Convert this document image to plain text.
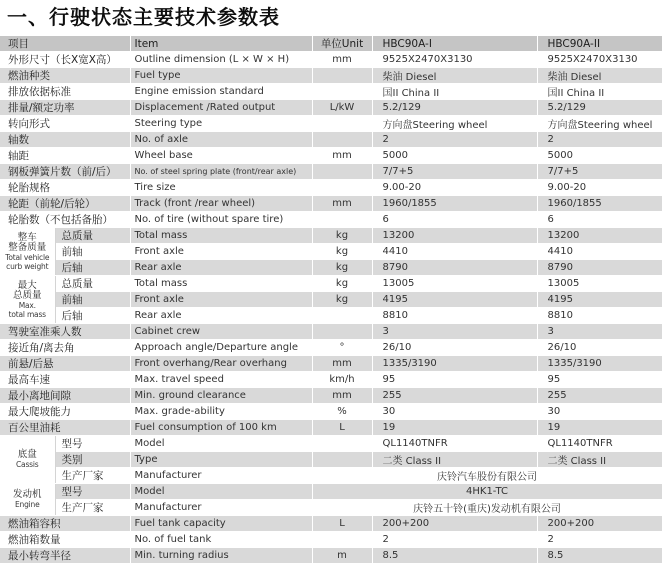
一、行驶状态主要技术参数表
项目		Item	单位Unit	HBC90A-I	HBC90A-II
外形尺寸（长X宽X高）		Outline dimension (L × W × H)	mm	9525X2470X3130	9525X2470X3130
燃油种类		Fuel type		柴油 Diesel	柴油 Diesel
排放依据标准		Engine emission standard		国II China II	国II China II
排量/额定功率		Displacement /Rated output	L/kW	5.2/129	5.2/129
转向形式		Steering type		方向盘Steering wheel	方向盘Steering wheel
轴数		No. of axle		2	2
轴距		Wheel base	mm	5000	5000
钢板弹簧片数（前/后）		No. of steel spring plate (front/rear axle)		7/7+5	7/7+5
轮胎规格		Tire size		9.00-20	9.00-20
轮距（前轮/后轮）		Track (front /rear wheel)	mm	1960/1855	1960/1855
轮胎数（不包括备胎）		No. of tire (without spare tire)		6	6

整车
整备质量
Total vehicle
curb weight	总质量	Total mass	kg	13200	13200
	前轴	Front axle	kg	4410	4410
	后轴	Rear axle	kg	8790	8790

最大
总质量
Max.
total mass	总质量	Total mass	kg	13005	13005
	前轴	Front axle	kg	4195	4195
	后轴	Rear axle		8810	8810
驾驶室准乘人数		Cabinet crew		3	3
接近角/离去角		Approach angle/Departure angle	°	26/10	26/10
前悬/后悬		Front overhang/Rear overhang	mm	1335/3190	1335/3190
最高车速		Max. travel speed	km/h	95	95
最小离地间隙		Min. ground clearance	mm	255	255
最大爬坡能力		Max. grade-ability	%	30	30
百公里油耗		Fuel consumption of 100 km	L	19	19

底盘
Cassis	型号	Model		QL1140TNFR	QL1140TNFR
	类别	Type		二类 Class II	二类 Class II
	生产厂家	Manufacturer	庆铃汽车股份有限公司		

发动机
Engine	型号	Model	4HK1-TC		
	生产厂家	Manufacturer	庆铃五十铃(重庆)发动机有限公司		
燃油箱容积		Fuel tank capacity	L	200+200	200+200
燃油箱数量		No. of fuel tank		2	2
最小转弯半径		Min. turning radius	m	8.5	8.5
